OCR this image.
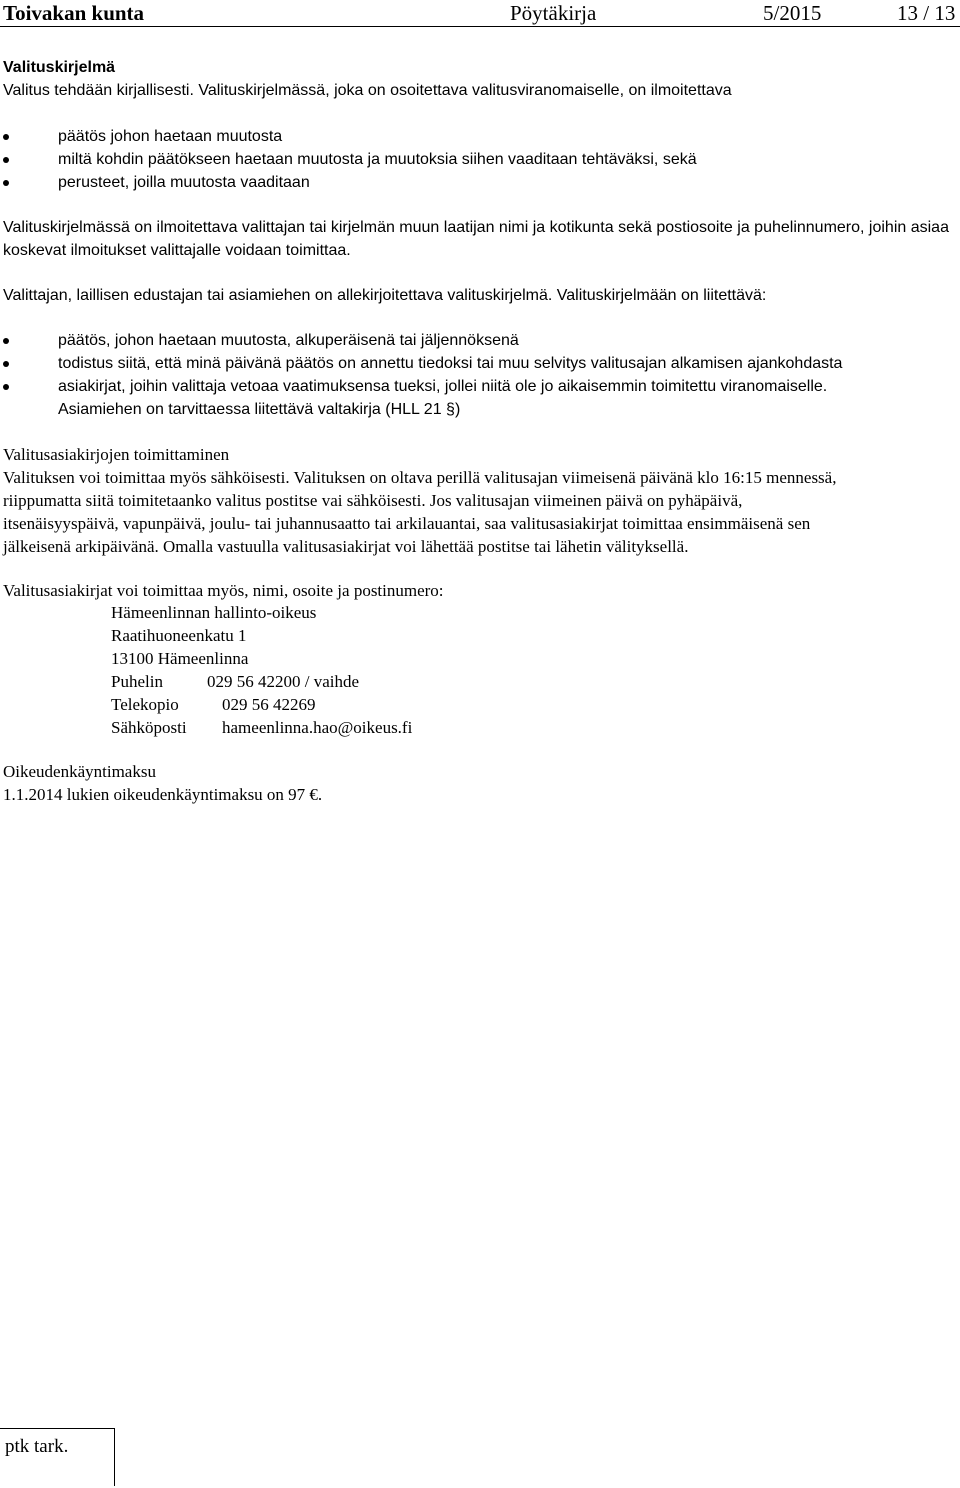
Toivakan kunta	Pöytäkirja	5/2015	13 / 13
Valituskirjelmä
Valitus tehdään kirjallisesti. Valituskirjelmässä, joka on osoitettava valitusviranomaiselle, on ilmoitettava
päätös johon haetaan muutosta
miltä kohdin päätökseen haetaan muutosta ja muutoksia siihen vaaditaan tehtäväksi, sekä
perusteet, joilla muutosta vaaditaan
Valituskirjelmässä on ilmoitettava valittajan tai kirjelmän muun laatijan nimi ja kotikunta sekä postiosoite ja puhelinnumero, joihin asiaa koskevat ilmoitukset valittajalle voidaan toimittaa.
Valittajan, laillisen edustajan tai asiamiehen on allekirjoitettava valituskirjelmä. Valituskirjelmään on liitettävä:
päätös, johon haetaan muutosta, alkuperäisenä tai jäljennöksenä
todistus siitä, että minä päivänä päätös on annettu tiedoksi tai muu selvitys valitusajan alkamisen ajankohdasta
asiakirjat, joihin valittaja vetoaa vaatimuksensa tueksi, jollei niitä ole jo aikaisemmin toimitettu viranomaiselle.
Asiamiehen on tarvittaessa liitettävä valtakirja (HLL 21 §)
Valitusasiakirjojen toimittaminen
Valituksen voi toimittaa myös sähköisesti. Valituksen on oltava perillä valitusajan viimeisenä päivänä klo 16:15 mennessä,
riippumatta siitä toimitetaanko valitus postitse vai sähköisesti. Jos valitusajan viimeinen päivä on pyhäpäivä,
itsenäisyyspäivä, vapunpäivä, joulu- tai juhannusaatto tai arkilauantai, saa valitusasiakirjat toimittaa ensimmäisenä sen
jälkeisenä arkipäivänä. Omalla vastuulla valitusasiakirjat voi lähettää postitse tai lähetin välityksellä.
Valitusasiakirjat voi toimittaa myös, nimi, osoite ja postinumero:
Hämeenlinnan hallinto-oikeus
Raatihuoneenkatu 1
13100 Hämeenlinna
Puhelin	029 56 42200 / vaihde
Telekopio	029 56 42269
Sähköposti hameenlinna.hao@oikeus.fi
Oikeudenkäyntimaksu
1.1.2014 lukien oikeudenkäyntimaksu on 97 €.
ptk tark.
